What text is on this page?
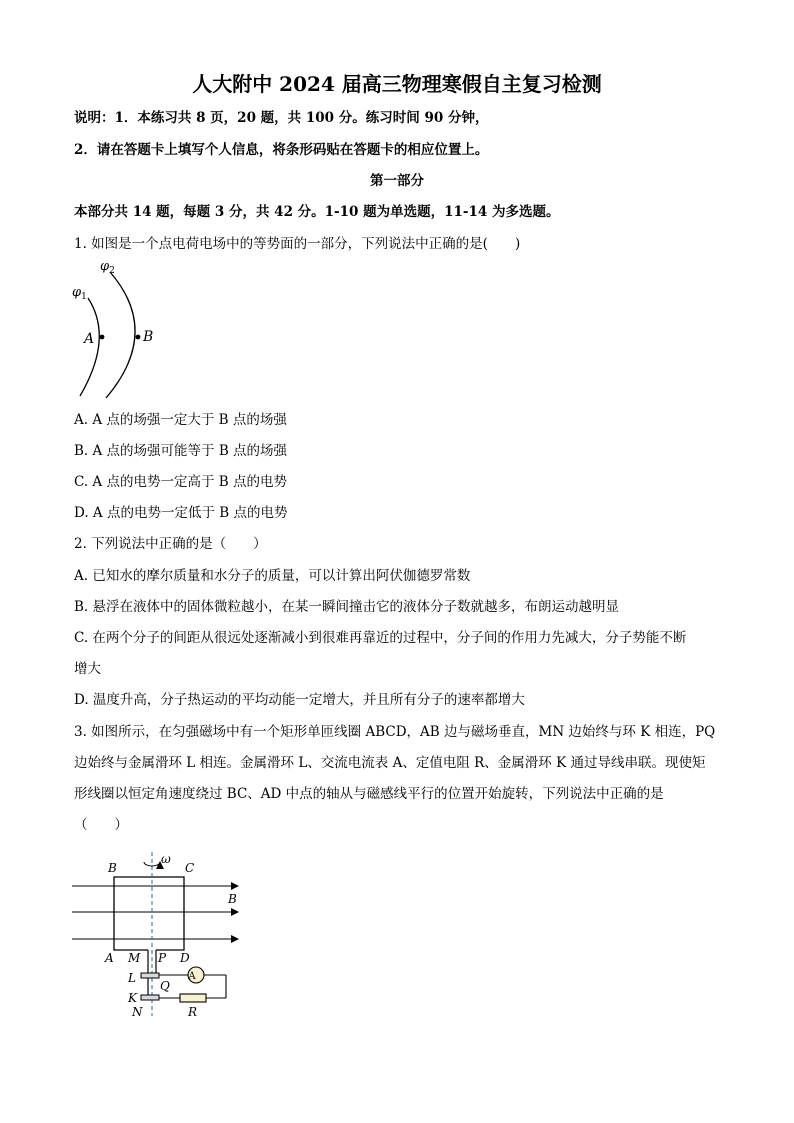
人大附中 2024 届高三物理寒假自主复习检测
说明：1．本练习共 8 页，20 题，共 100 分。练习时间 90 分钟，
2．请在答题卡上填写个人信息，将条形码贴在答题卡的相应位置上。
第一部分
本部分共 14 题，每题 3 分，共 42 分。1-10 题为单选题，11-14 为多选题。
1. 如图是一个点电荷电场中的等势面的一部分，下列说法中正确的是(　　)
$\varphi_2$
$\varphi_1$
A	B
A. A 点的场强一定大于 B 点的场强
B. A 点的场强可能等于 B 点的场强
C. A 点的电势一定高于 B 点的电势
D. A 点的电势一定低于 B 点的电势
2. 下列说法中正确的是（　　）
A. 已知水的摩尔质量和水分子的质量，可以计算出阿伏伽德罗常数
B. 悬浮在液体中的固体微粒越小，在某一瞬间撞击它的液体分子数就越多，布朗运动越明显
C. 在两个分子的间距从很远处逐渐减小到很难再靠近的过程中，分子间的作用力先减大，分子势能不断
增大
D. 温度升高，分子热运动的平均动能一定增大，并且所有分子的速率都增大
3. 如图所示，在匀强磁场中有一个矩形单匝线圈 ABCD，AB 边与磁场垂直，MN 边始终与环 K 相连，PQ
边始终与金属滑环 L 相连。金属滑环 L、交流电流表 A、定值电阻 R、金属滑环 K 通过导线串联。现使矩
形线圈以恒定角速度绕过 BC、AD 中点的轴从与磁感线平行的位置开始旋转，下列说法中正确的是
（　　）
ω
B	C
B
A M P D
L
Q
A
K
N	R
